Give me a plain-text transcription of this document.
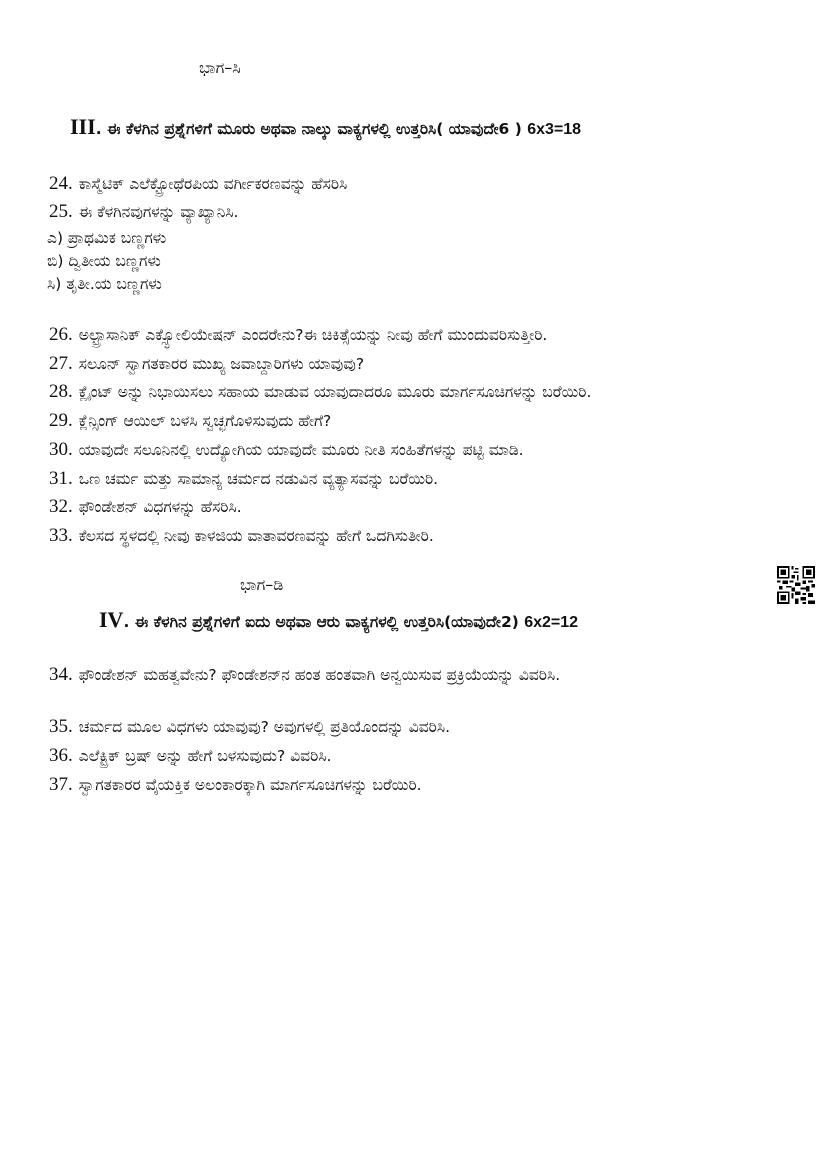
ಭಾಗ–ಸಿ
III. ಈ ಕೆಳಗಿನ ಪ್ರಶ್ನೆಗಳಿಗೆ ಮೂರು ಅಥವಾ ನಾಲ್ಕು ವಾಕ್ಯಗಳಲ್ಲಿ ಉತ್ತರಿಸಿ( ಯಾವುದೇ6 ) 6x3=18
24. ಕಾಸ್ಮೆಟಿಕ್ ಎಲೆಕ್ಟ್ರೋಥೆರಪಿಯ ವರ್ಗೀಕರಣವನ್ನು ಹೆಸರಿಸಿ
25. ಈ ಕೆಳಗಿನವುಗಳನ್ನು ವ್ಯಾಖ್ಯಾನಿಸಿ.
ಎ) ಪ್ರಾಥಮಿಕ ಬಣ್ಣಗಳು
ಬಿ) ದ್ವಿತೀಯ ಬಣ್ಣಗಳು
ಸಿ) ತೃತೀ.ಯ ಬಣ್ಣಗಳು
26. ಅಲ್ಟ್ರಾಸಾನಿಕ್ ಎಕ್ಸ್ಫೋಲಿಯೇಷನ್ ಎಂದರೇನು?ಈ ಚಿಕಿತ್ಸೆಯನ್ನು ನೀವು ಹೇಗೆ ಮುಂದುವರಿಸುತ್ತೀರಿ.
27. ಸಲೂನ್ ಸ್ವಾಗತಕಾರರ ಮುಖ್ಯ ಜವಾಬ್ದಾರಿಗಳು ಯಾವುವು?
28. ಕ್ಲೈಂಟ್ ಅನ್ನು ನಿಭಾಯಿಸಲು ಸಹಾಯ ಮಾಡುವ ಯಾವುದಾದರೂ ಮೂರು ಮಾರ್ಗಸೂಚಿಗಳನ್ನು ಬರೆಯಿರಿ.
29. ಕ್ಲೆನ್ಸಿಂಗ್ ಆಯಿಲ್ ಬಳಸಿ ಸ್ವಚ್ಛಗೊಳಿಸುವುದು ಹೇಗೆ?
30. ಯಾವುದೇ ಸಲೂನಿನಲ್ಲಿ ಉದ್ಯೋಗಿಯ ಯಾವುದೇ ಮೂರು ನೀತಿ ಸಂಹಿತೆಗಳನ್ನು ಪಟ್ಟಿ ಮಾಡಿ.
31. ಒಣ ಚರ್ಮ ಮತ್ತು ಸಾಮಾನ್ಯ ಚರ್ಮದ ನಡುವಿನ ವ್ಯತ್ಯಾಸವನ್ನು ಬರೆಯಿರಿ.
32. ಫೌಂಡೇಶನ್ ವಿಧಗಳನ್ನು ಹೆಸರಿಸಿ.
33. ಕೆಲಸದ ಸ್ಥಳದಲ್ಲಿ ನೀವು ಕಾಳಜಿಯ ವಾತಾವರಣವನ್ನು ಹೇಗೆ ಒದಗಿಸುತೀರಿ.
ಭಾಗ–ಡಿ
IV. ಈ ಕೆಳಗಿನ ಪ್ರಶ್ನೆಗಳಿಗೆ ಐದು ಅಥವಾ ಆರು ವಾಕ್ಯಗಳಲ್ಲಿ ಉತ್ತರಿಸಿ(ಯಾವುದೇ2) 6x2=12
34. ಫೌಂಡೇಶನ್ ಮಹತ್ವವೇನು? ಫೌಂಡೇಶನ್‌ನ ಹಂತ ಹಂತವಾಗಿ ಅನ್ವಯಿಸುವ ಪ್ರಕ್ರಿಯೆಯನ್ನು ವಿವರಿಸಿ.
35. ಚರ್ಮದ ಮೂಲ ವಿಧಗಳು ಯಾವುವು? ಅವುಗಳಲ್ಲಿ ಪ್ರತಿಯೊಂದನ್ನು ವಿವರಿಸಿ.
36. ಎಲೆಕ್ಟ್ರಿಕ್ ಬ್ರಷ್ ಅನ್ನು ಹೇಗೆ ಬಳಸುವುದು? ವಿವರಿಸಿ.
37. ಸ್ವಾಗತಕಾರರ ವೈಯಕ್ತಿಕ ಅಲಂಕಾರಕ್ಕಾಗಿ ಮಾರ್ಗಸೂಚಿಗಳನ್ನು ಬರೆಯಿರಿ.
